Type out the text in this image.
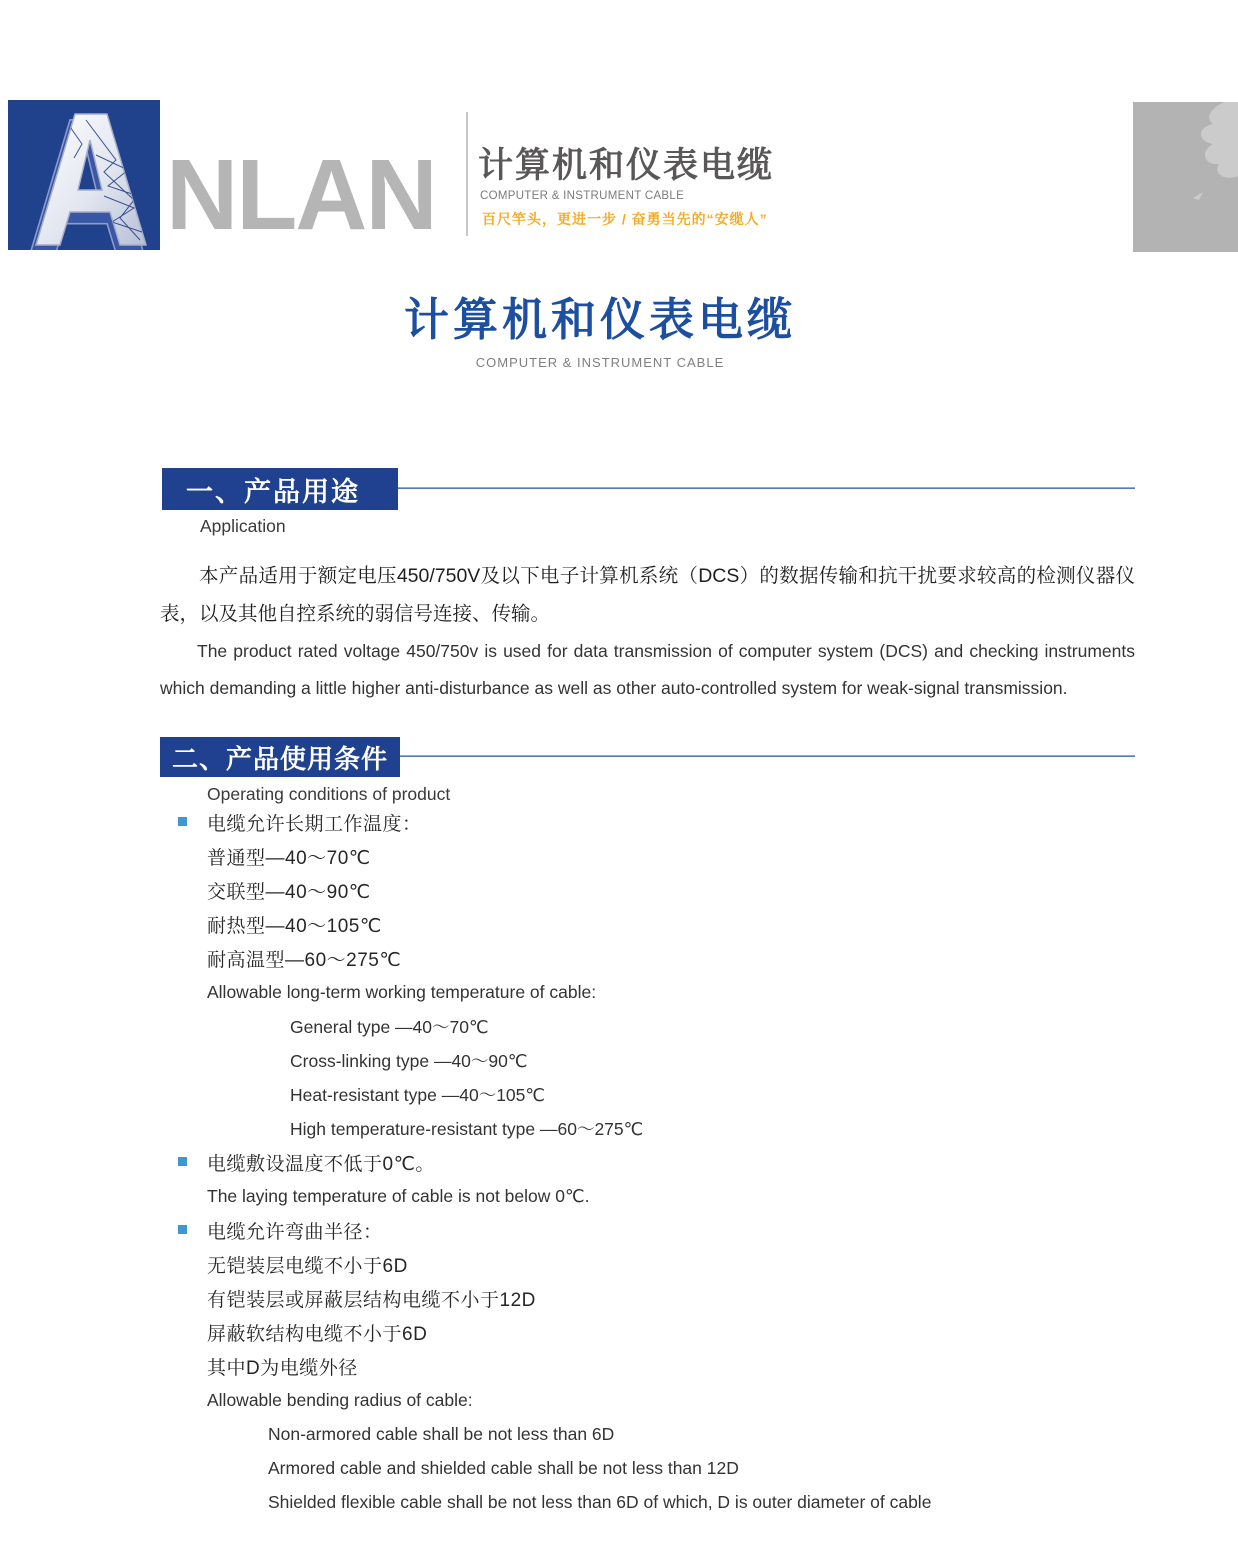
NLAN 计算机和仪表电缆
COMPUTER & INSTRUMENT CABLE
百尺竿头，更进一步 / 奋勇当先的“安缆人”
计算机和仪表电缆
COMPUTER & INSTRUMENT CABLE
一、产品用途
Application
本产品适用于额定电压450/750V及以下电子计算机系统（DCS）的数据传输和抗干扰要求较高的检测仪器仪表，以及其他自控系统的弱信号连接、传输。
The product rated voltage 450/750v is used for data transmission of computer system (DCS) and checking instruments which demanding a little higher anti-disturbance as well as other auto-controlled system for weak-signal transmission.
二、产品使用条件
Operating conditions of product
电缆允许长期工作温度：
普通型—40～70℃
交联型—40～90℃
耐热型—40～105℃
耐高温型—60～275℃
Allowable long-term working temperature of cable:
General type —40～70℃
Cross-linking type —40～90℃
Heat-resistant type —40～105℃
High temperature-resistant type —60～275℃
电缆敷设温度不低于0℃。
The laying temperature of cable is not below 0℃.
电缆允许弯曲半径：
无铠装层电缆不小于6D
有铠装层或屏蔽层结构电缆不小于12D
屏蔽软结构电缆不小于6D
其中D为电缆外径
Allowable bending radius of cable:
Non-armored cable shall be not less than 6D
Armored cable and shielded cable shall be not less than 12D
Shielded flexible cable shall be not less than 6D of which, D is outer diameter of cable
